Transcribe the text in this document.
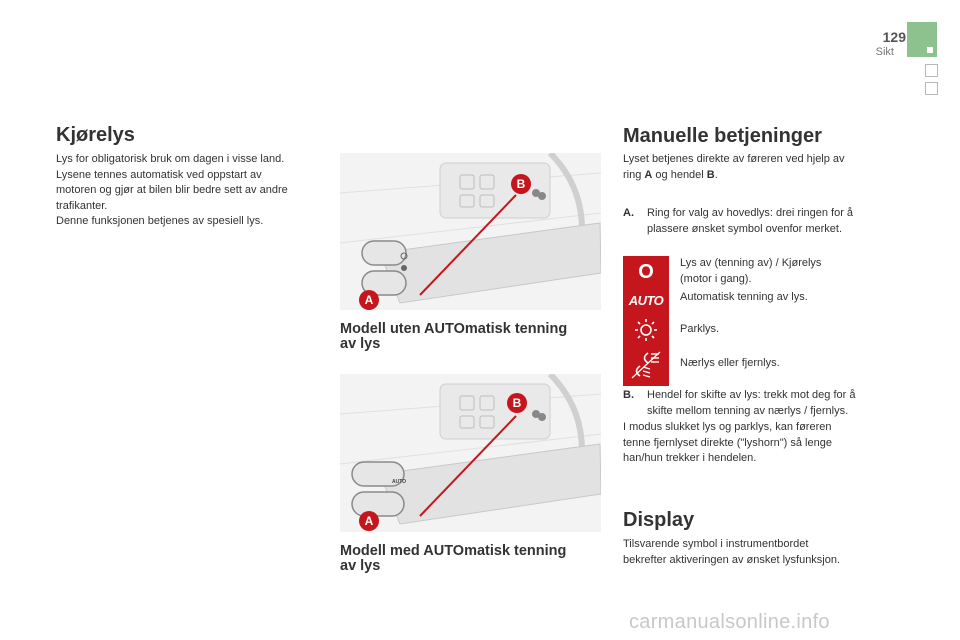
129
Sikt
Kjørelys

Lys for obligatorisk bruk om dagen i visse land.

Lysene tennes automatisk ved oppstart av

motoren og gjør at bilen blir bedre sett av andre

trafikanter.

Denne funksjonen betjenes av spesiell lys.

B
A
Modell uten AUTOmatisk tenning
av lys
AUTO
B
A
Modell med AUTOmatisk tenning
av lys
Manuelle betjeninger

Lyset betjenes direkte av føreren ved hjelp av

ring A og hendel B.

A.	Ring for valg av hovedlys: drei ringen for å
plassere ønsket symbol ovenfor merket.
O
AUTO
Lys av (tenning av) / Kjørelys
(motor i gang).
Automatisk tenning av lys.
Parklys.
Nærlys eller fjernlys.
B.	Hendel for skifte av lys: trekk mot deg for å
skifte mellom tenning av nærlys / fjernlys.

I modus slukket lys og parklys, kan føreren

tenne fjernlyset direkte ("lyshorn") så lenge

han/hun trekker i hendelen.

Display

Tilsvarende symbol i instrumentbordet

bekrefter aktiveringen av ønsket lysfunksjon.

carmanualsonline.info
